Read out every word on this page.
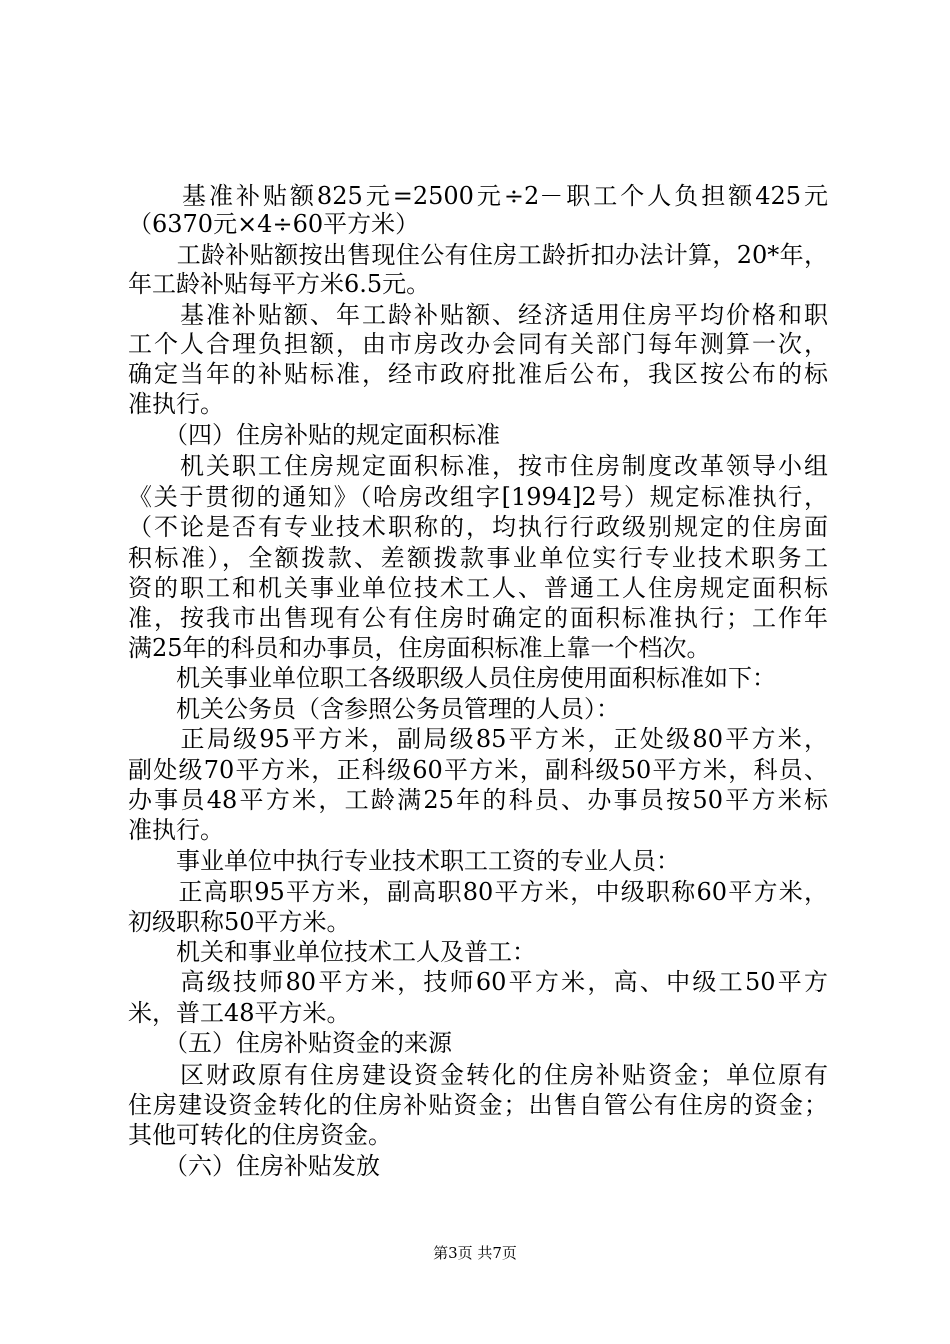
　　基准补贴额825元=2500元÷2－职工个人负担额425元
（6370元×4÷60平方米）
　　工龄补贴额按出售现住公有住房工龄折扣办法计算，20*年，
年工龄补贴每平方米6.5元。
　　基准补贴额、年工龄补贴额、经济适用住房平均价格和职
工个人合理负担额，由市房改办会同有关部门每年测算一次，
确定当年的补贴标准，经市政府批准后公布，我区按公布的标
准执行。
　　（四）住房补贴的规定面积标准
　　机关职工住房规定面积标准，按市住房制度改革领导小组
《关于贯彻的通知》（哈房改组字[1994]2号）规定标准执行，
（不论是否有专业技术职称的，均执行行政级别规定的住房面
积标准），全额拨款、差额拨款事业单位实行专业技术职务工
资的职工和机关事业单位技术工人、普通工人住房规定面积标
准，按我市出售现有公有住房时确定的面积标准执行；工作年
满25年的科员和办事员，住房面积标准上靠一个档次。
　　机关事业单位职工各级职级人员住房使用面积标准如下：
　　机关公务员（含参照公务员管理的人员）：
　　正局级95平方米，副局级85平方米，正处级80平方米，
副处级70平方米，正科级60平方米，副科级50平方米，科员、
办事员48平方米，工龄满25年的科员、办事员按50平方米标
准执行。
　　事业单位中执行专业技术职工工资的专业人员：
　　正高职95平方米，副高职80平方米，中级职称60平方米，
初级职称50平方米。
　　机关和事业单位技术工人及普工：
　　高级技师80平方米，技师60平方米，高、中级工50平方
米，普工48平方米。
　　（五）住房补贴资金的来源
　　区财政原有住房建设资金转化的住房补贴资金；单位原有
住房建设资金转化的住房补贴资金；出售自管公有住房的资金；
其他可转化的住房资金。
　　（六）住房补贴发放
第3页 共7页
